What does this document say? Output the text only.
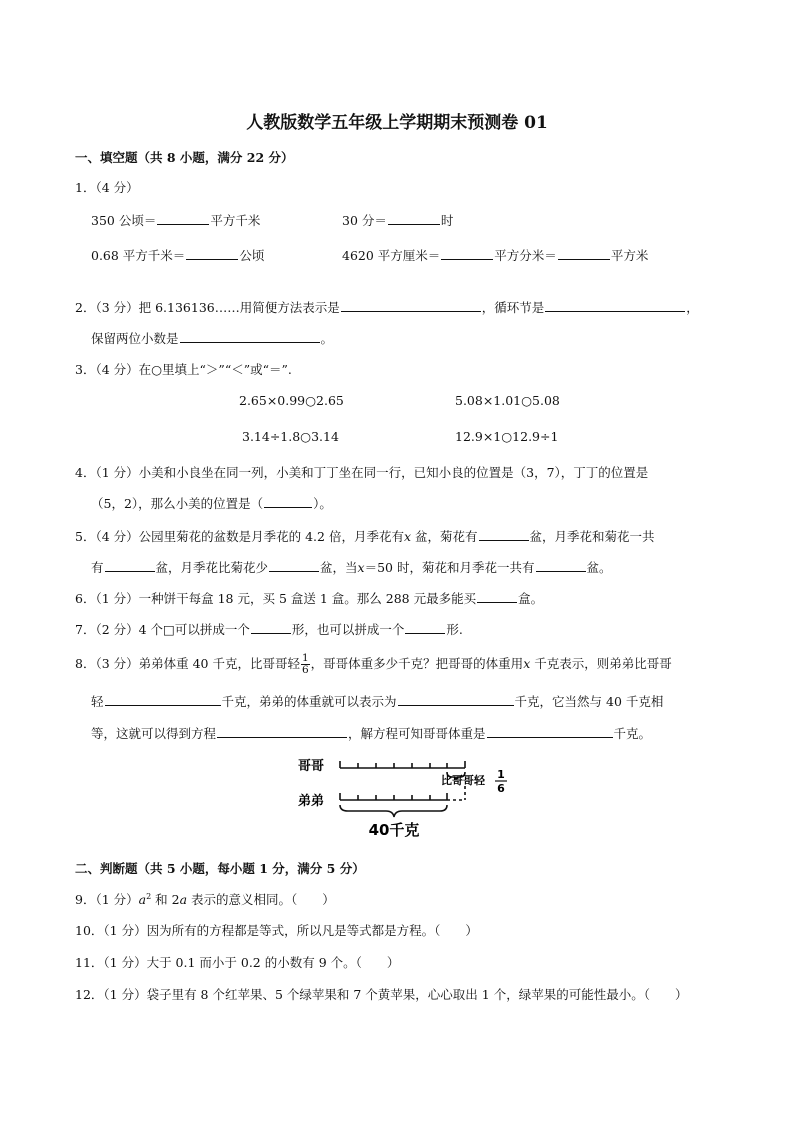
人教版数学五年级上学期期末预测卷 01
一、填空题（共 8 小题，满分 22 分）
1．（4 分）
350 公顷＝	平方千米	30 分＝	时
0.68 平方千米＝	公顷	4620 平方厘米＝	平方分米＝	平方米
2．（3 分）把 6.136136……用简便方法表示是	，循环节是	，
保留两位小数是	。
3．（4 分）在○里填上“＞”“＜”或“＝”.
2.65×0.99○2.65	5.08×1.01○5.08
3.14÷1.8○3.14	12.9×1○12.9÷1
4．（1 分）小美和小良坐在同一列，小美和丁丁坐在同一行，已知小良的位置是（3，7），丁丁的位置是
（5，2），那么小美的位置是（	）。
5．（4 分）公园里菊花的盆数是月季花的 4.2 倍，月季花有x 盆，菊花有	盆，月季花和菊花一共
有	盆，月季花比菊花少	盆，当x＝50 时，菊花和月季花一共有	盆。
6．（1 分）一种饼干每盒 18 元，买 5 盒送 1 盒。那么 288 元最多能买	盒。
7．（2 分）4 个□可以拼成一个	形，也可以拼成一个	形.
8．（3 分）弟弟体重 40 千克，比哥哥轻 $\frac{1}{6}$ ，哥哥体重多少千克？把哥哥的体重用x 千克表示，则弟弟比哥哥
轻	千克，弟弟的体重就可以表示为	千克，它当然与 40 千克相
等，这就可以得到方程	，解方程可知哥哥体重是	千克。
哥哥
弟弟
比哥哥轻 1
6
40千克
二、判断题（共 5 小题，每小题 1 分，满分 5 分）
9．（1 分）$a^2$ 和 2a 表示的意义相同。（　　）
10．（1 分）因为所有的方程都是等式，所以凡是等式都是方程。（　　）
11．（1 分）大于 0.1 而小于 0.2 的小数有 9 个。（　　）
12．（1 分）袋子里有 8 个红苹果、5 个绿苹果和 7 个黄苹果，心心取出 1 个，绿苹果的可能性最小。（　　）
